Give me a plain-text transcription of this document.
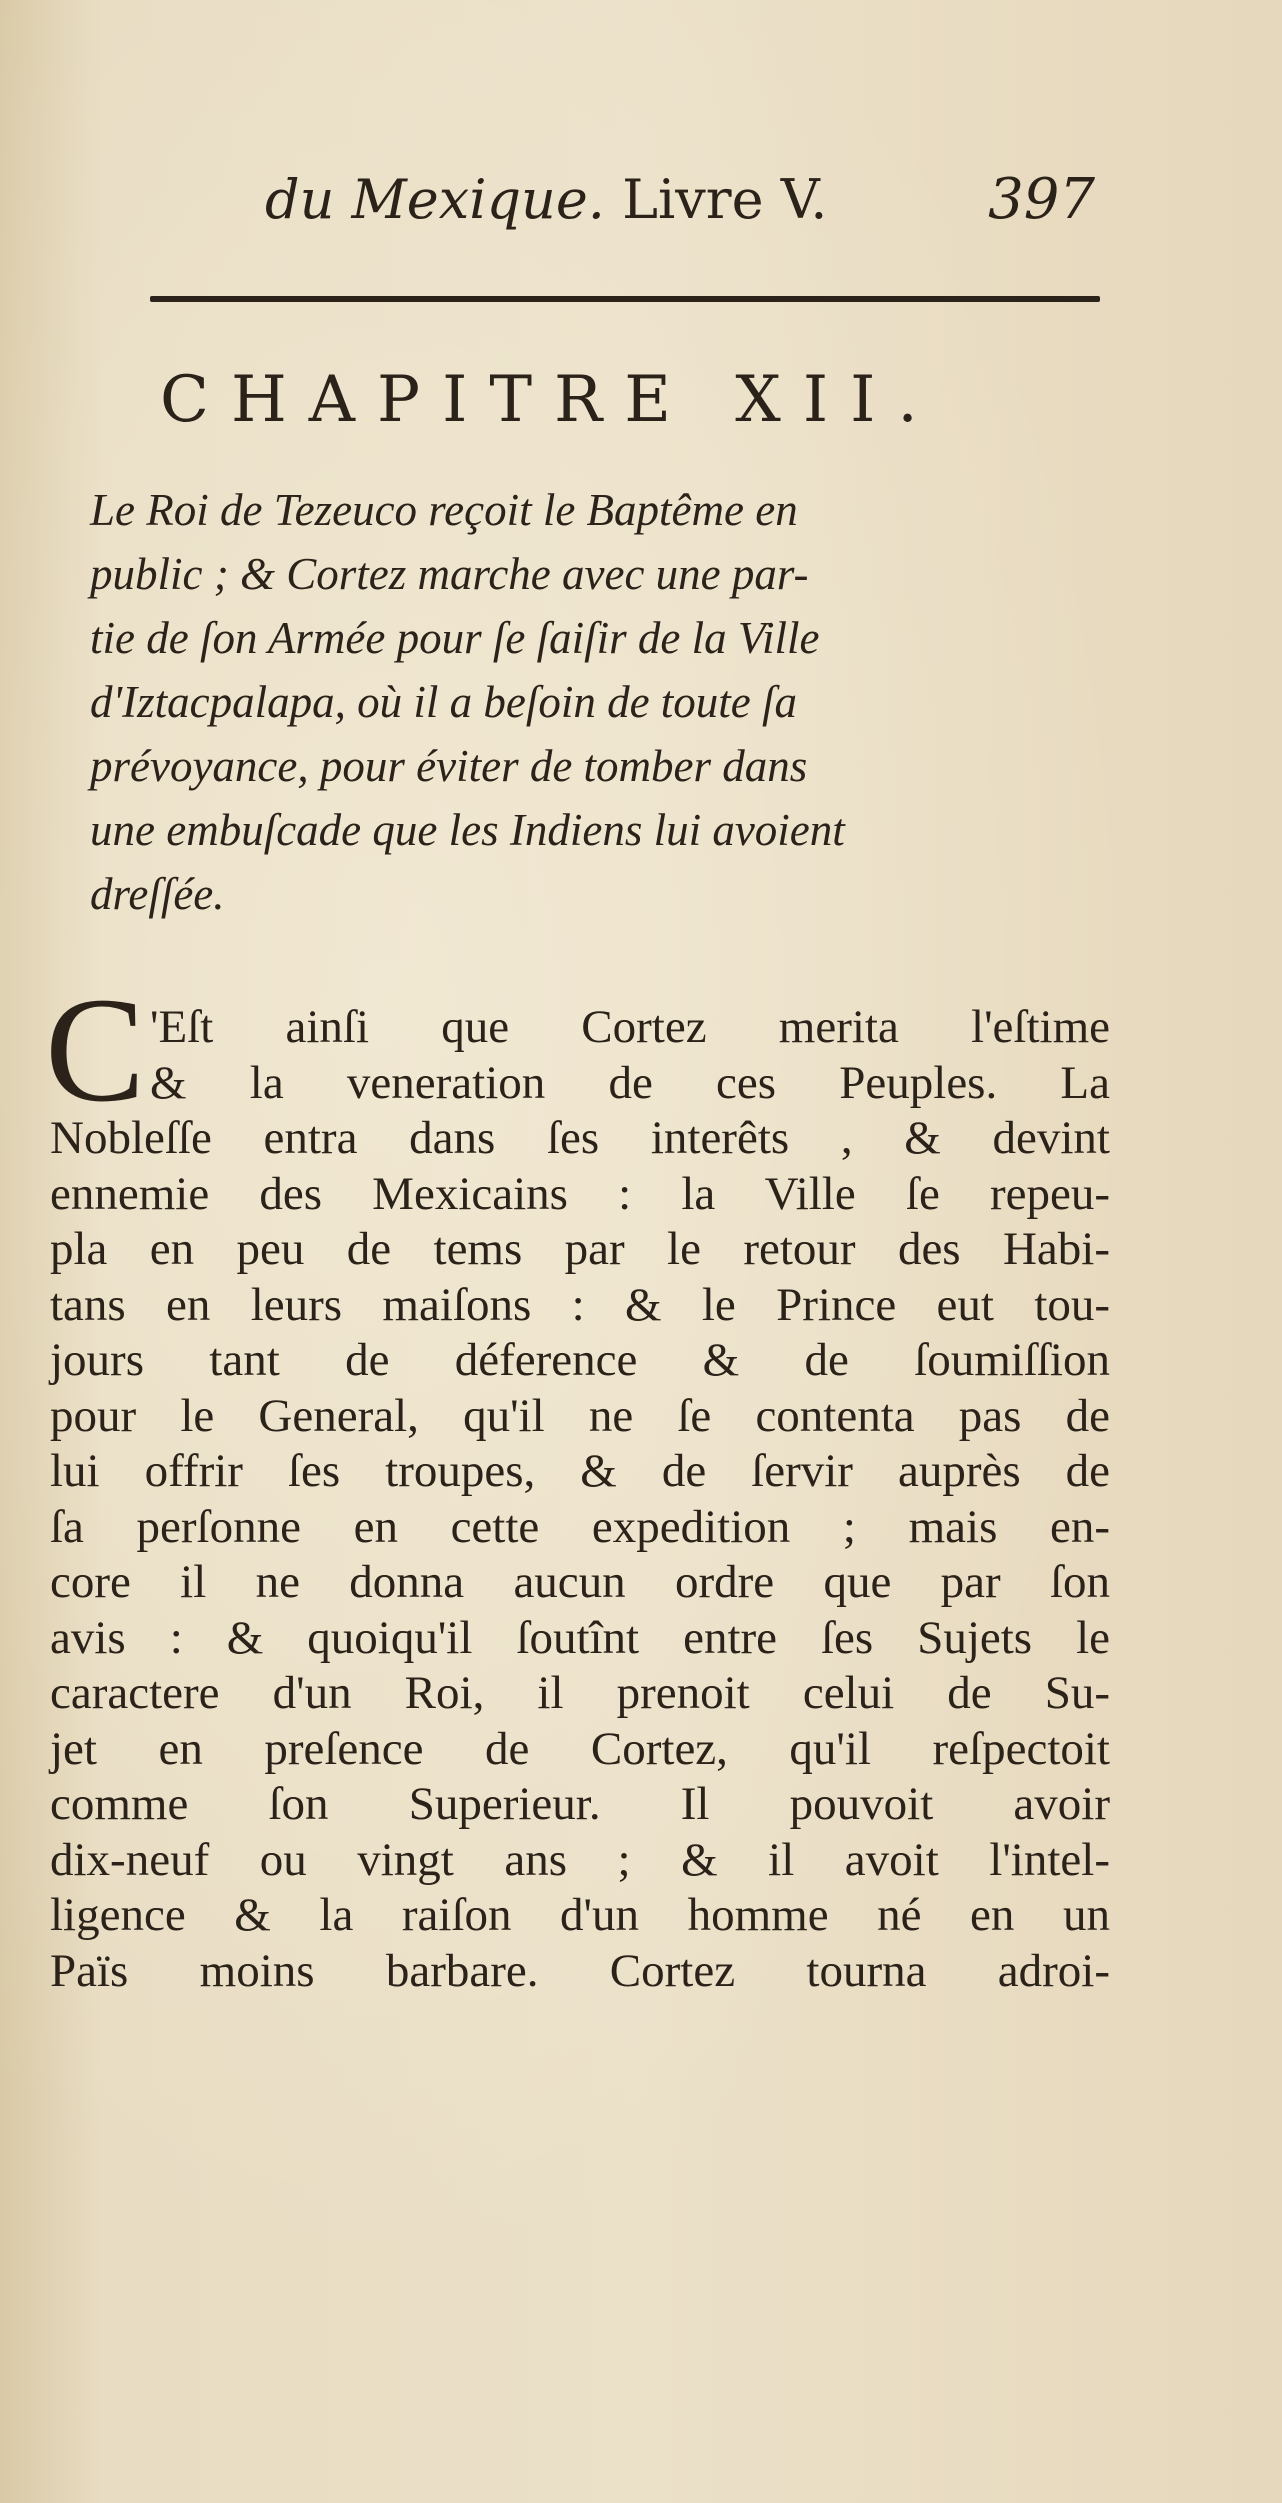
du Mexique. Livre V.	397
CHAPITRE XII.
Le Roi de Tezeuco reçoit le Baptême en
public ; & Cortez marche avec une par-
tie de ſon Armée pour ſe ſaiſir de la Ville
d'Iztacpalapa, où il a beſoin de toute ſa
prévoyance, pour éviter de tomber dans
une embuſcade que les Indiens lui avoient
dreſſée.
C 'Eſt ainſi que Cortez merita l'eſtime
& la veneration de ces Peuples. La
Nobleſſe entra dans ſes interêts , & devint
ennemie des Mexicains : la Ville ſe repeu-
pla en peu de tems par le retour des Habi-
tans en leurs maiſons : & le Prince eut tou-
jours tant de déference & de ſoumiſſion
pour le General, qu'il ne ſe contenta pas de
lui offrir ſes troupes, & de ſervir auprès de
ſa perſonne en cette expedition ; mais en-
core il ne donna aucun ordre que par ſon
avis : & quoiqu'il ſoutînt entre ſes Sujets le
caractere d'un Roi, il prenoit celui de Su-
jet en preſence de Cortez, qu'il reſpectoit
comme ſon Superieur. Il pouvoit avoir
dix-neuf ou vingt ans ; & il avoit l'intel-
ligence & la raiſon d'un homme né en un
Païs moins barbare. Cortez tourna adroi-
